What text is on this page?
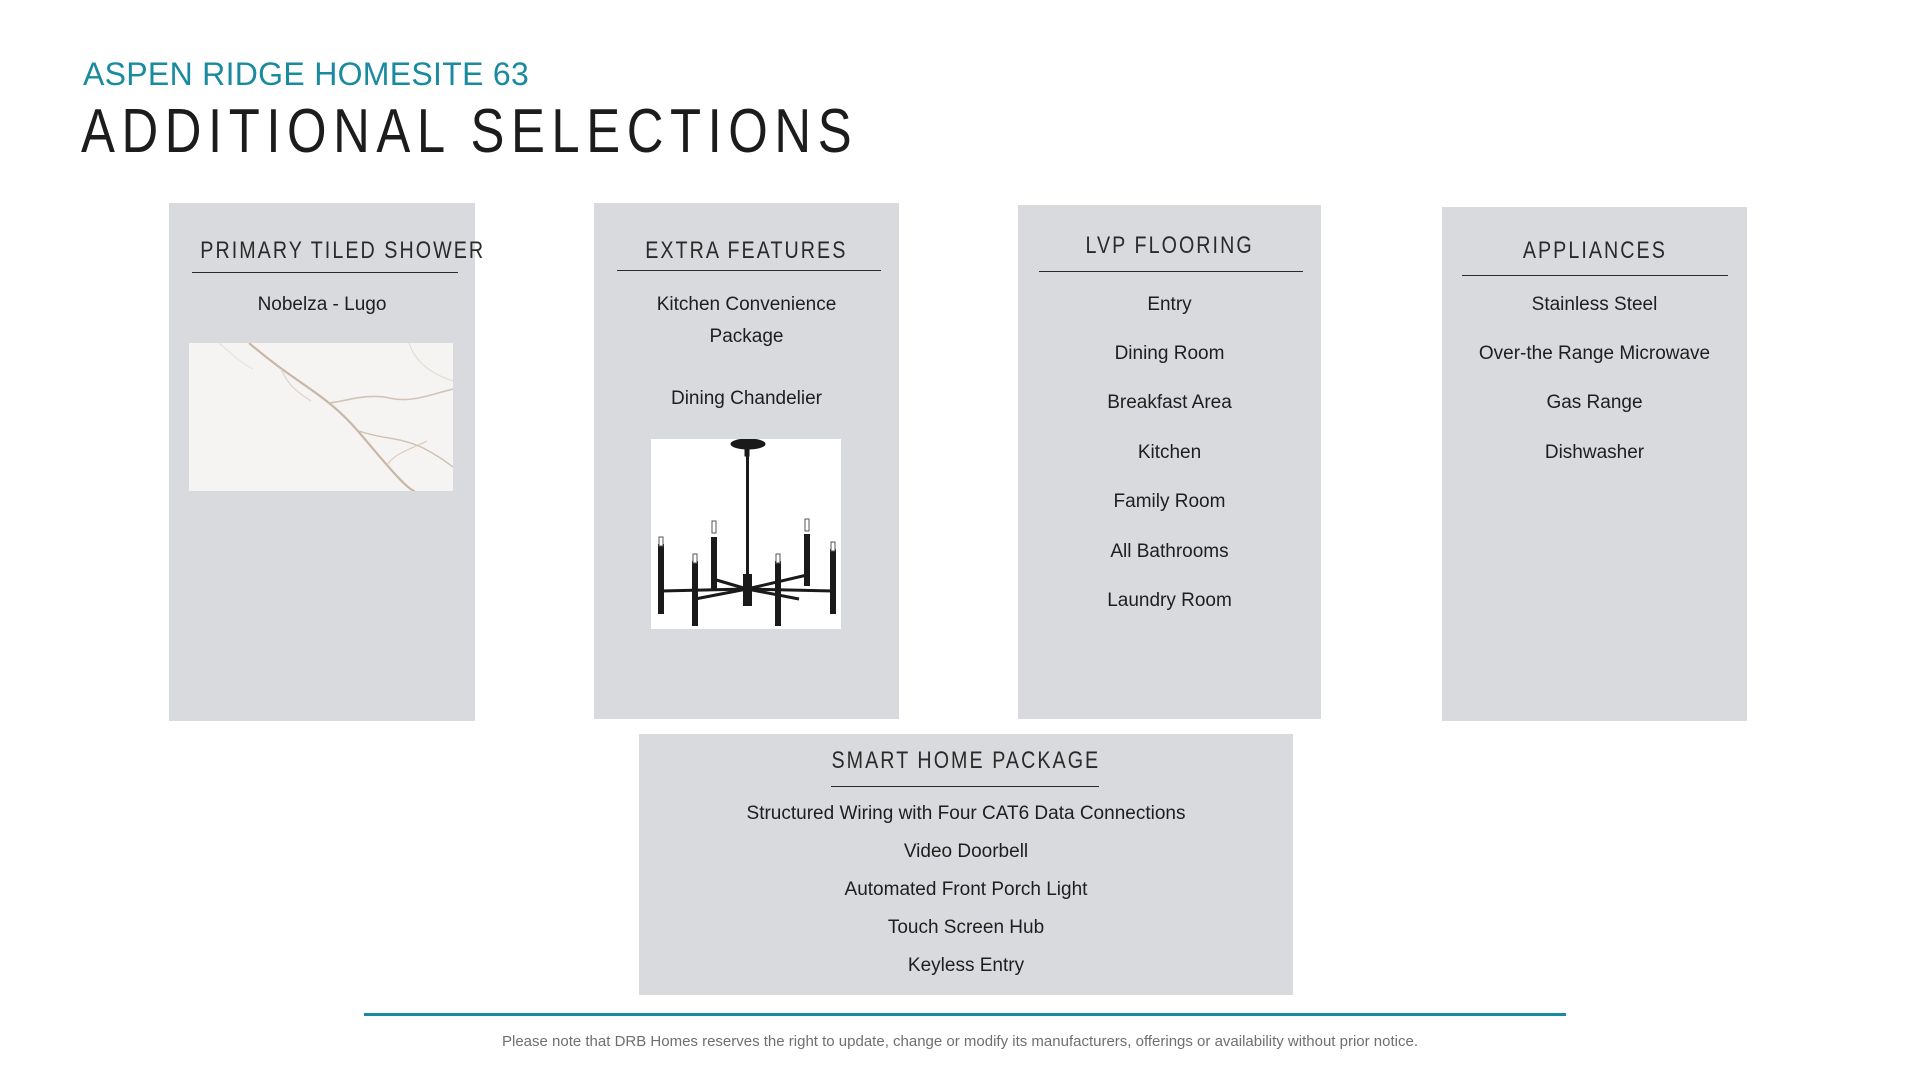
ASPEN RIDGE HOMESITE 63
ADDITIONAL SELECTIONS
PRIMARY TILED SHOWER
Nobelza - Lugo
EXTRA FEATURES
Kitchen Convenience
Package
Dining Chandelier
LVP FLOORING
Entry
Dining Room
Breakfast Area
Kitchen
Family Room
All Bathrooms
Laundry Room
APPLIANCES
Stainless Steel
Over-the Range Microwave
Gas Range
Dishwasher
SMART HOME PACKAGE
Structured Wiring with Four CAT6 Data Connections
Video Doorbell
Automated Front Porch Light
Touch Screen Hub
Keyless Entry
Please note that DRB Homes reserves the right to update, change or modify its manufacturers, offerings or availability without prior notice.
